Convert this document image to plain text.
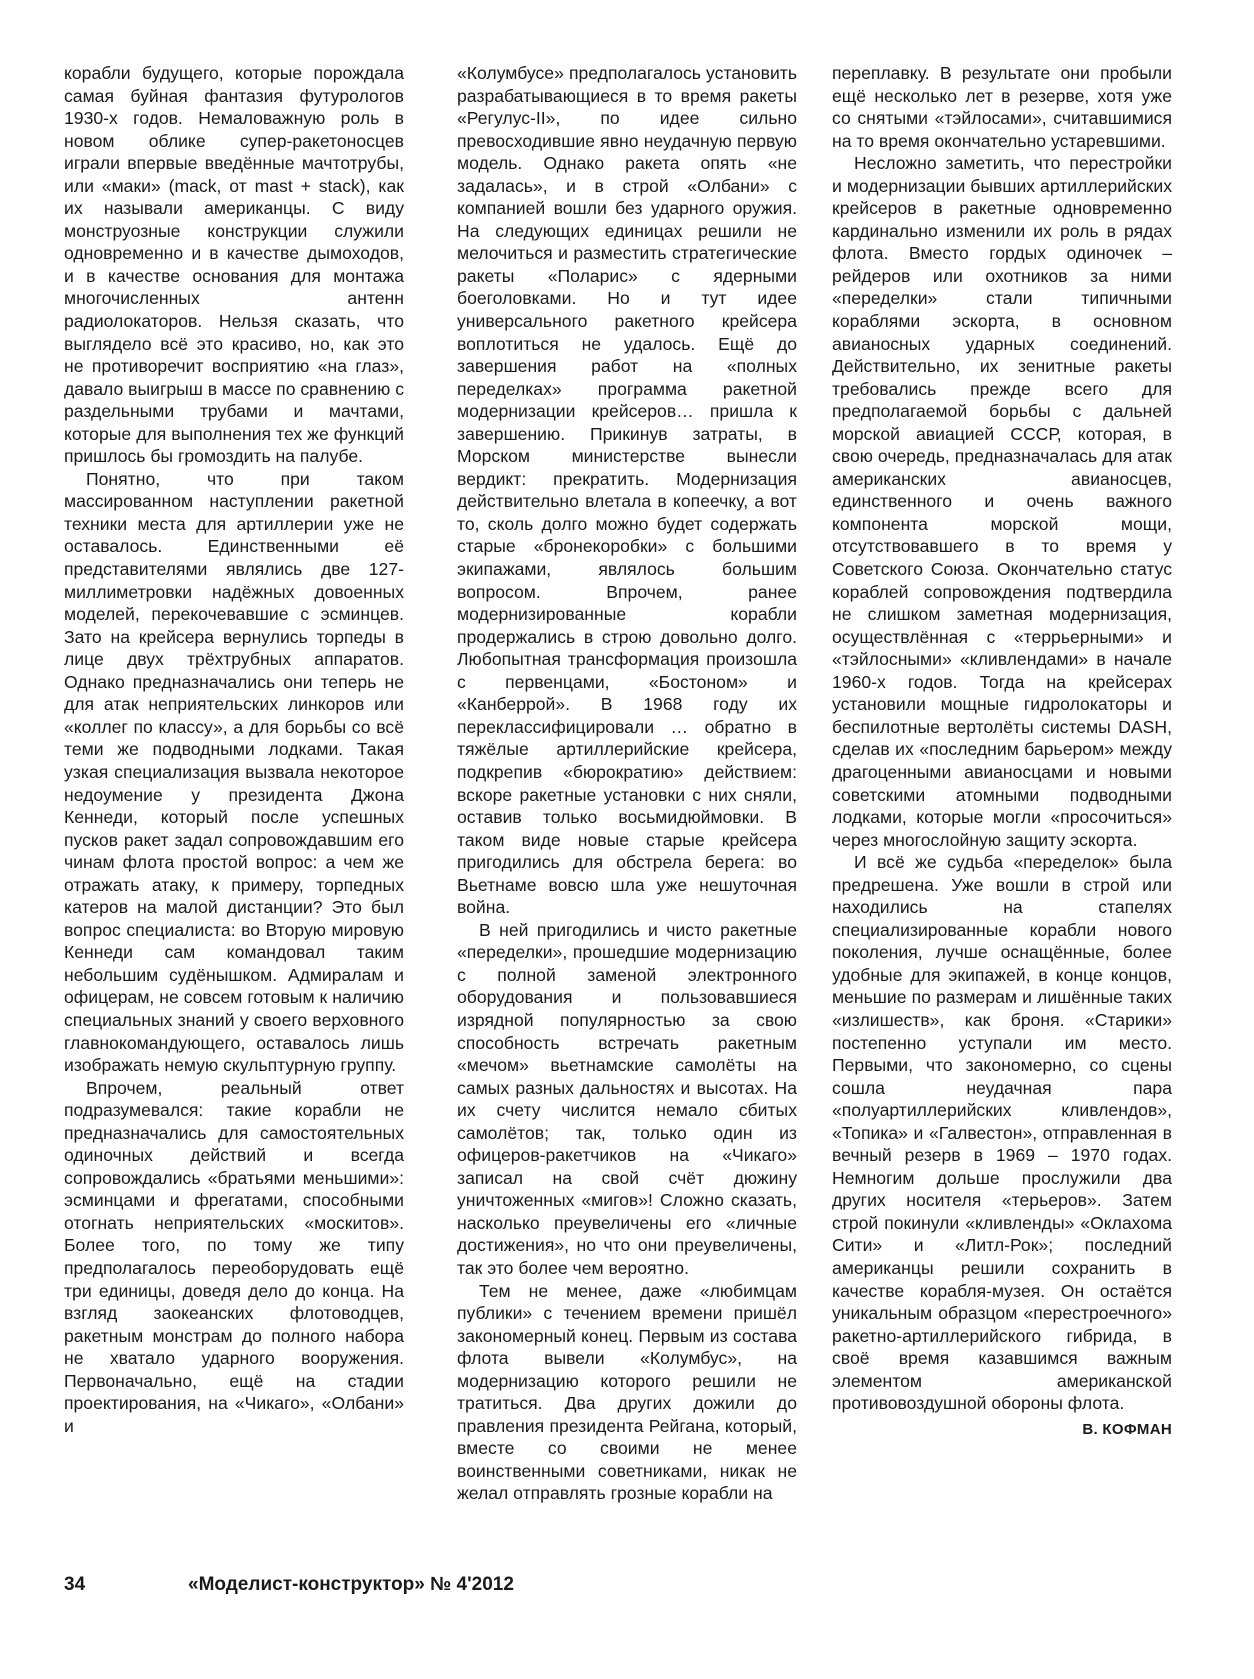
корабли будущего, которые порождала самая буйная фантазия футурологов 1930-х годов. Немаловажную роль в новом облике супер-ракетоносцев играли впервые введённые мачтотрубы, или «маки» (mack, от mast + stack), как их называли американцы. С виду монструозные конструкции служили одновременно и в качестве дымоходов, и в качестве основания для монтажа многочисленных антенн радиолокаторов. Нельзя сказать, что выглядело всё это красиво, но, как это не противоречит восприятию «на глаз», давало выигрыш в массе по сравнению с раздельными трубами и мачтами, которые для выполнения тех же функций пришлось бы громоздить на палубе.

Понятно, что при таком массированном наступлении ракетной техники места для артиллерии уже не оставалось. Единственными её представителями являлись две 127-миллиметровки надёжных довоенных моделей, перекочевавшие с эсминцев. Зато на крейсера вернулись торпеды в лице двух трёхтрубных аппаратов. Однако предназначались они теперь не для атак неприятельских линкоров или «коллег по классу», а для борьбы со всё теми же подводными лодками. Такая узкая специализация вызвала некоторое недоумение у президента Джона Кеннеди, который после успешных пусков ракет задал сопровождавшим его чинам флота простой вопрос: а чем же отражать атаку, к примеру, торпедных катеров на малой дистанции? Это был вопрос специалиста: во Вторую мировую Кеннеди сам командовал таким небольшим судёнышком. Адмиралам и офицерам, не совсем готовым к наличию специальных знаний у своего верховного главнокомандующего, оставалось лишь изображать немую скульптурную группу.

Впрочем, реальный ответ подразумевался: такие корабли не предназначались для самостоятельных одиночных действий и всегда сопровождались «братьями меньшими»: эсминцами и фрегатами, способными отогнать неприятельских «москитов». Более того, по тому же типу предполагалось переоборудовать ещё три единицы, доведя дело до конца. На взгляд заокеанских флотоводцев, ракетным монстрам до полного набора не хватало ударного вооружения. Первоначально, ещё на стадии проектирования, на «Чикаго», «Олбани» и

«Колумбусе» предполагалось установить разрабатывающиеся в то время ракеты «Регулус-II», по идее сильно превосходившие явно неудачную первую модель. Однако ракета опять «не задалась», и в строй «Олбани» с компанией вошли без ударного оружия. На следующих единицах решили не мелочиться и разместить стратегические ракеты «Поларис» с ядерными боеголовками. Но и тут идее универсального ракетного крейсера воплотиться не удалось. Ещё до завершения работ на «полных переделках» программа ракетной модернизации крейсеров… пришла к завершению. Прикинув затраты, в Морском министерстве вынесли вердикт: прекратить. Модернизация действительно влетала в копеечку, а вот то, сколь долго можно будет содержать старые «бронекоробки» с большими экипажами, являлось большим вопросом. Впрочем, ранее модернизированные корабли продержались в строю довольно долго. Любопытная трансформация произошла с первенцами, «Бостоном» и «Канберрой». В 1968 году их переклассифицировали … обратно в тяжёлые артиллерийские крейсера, подкрепив «бюрократию» действием: вскоре ракетные установки с них сняли, оставив только восьмидюймовки. В таком виде новые старые крейсера пригодились для обстрела берега: во Вьетнаме вовсю шла уже нешуточная война.

В ней пригодились и чисто ракетные «переделки», прошедшие модернизацию с полной заменой электронного оборудования и пользовавшиеся изрядной популярностью за свою способность встречать ракетным «мечом» вьетнамские самолёты на самых разных дальностях и высотах. На их счету числится немало сбитых самолётов; так, только один из офицеров-ракетчиков на «Чикаго» записал на свой счёт дюжину уничтоженных «мигов»! Сложно сказать, насколько преувеличены его «личные достижения», но что они преувеличены, так это более чем вероятно.

Тем не менее, даже «любимцам публики» с течением времени пришёл закономерный конец. Первым из состава флота вывели «Колумбус», на модернизацию которого решили не тратиться. Два других дожили до правления президента Рейгана, который, вместе со своими не менее воинственными советниками, никак не желал отправлять грозные корабли на

переплавку. В результате они пробыли ещё несколько лет в резерве, хотя уже со снятыми «тэйлосами», считавшимися на то время окончательно устаревшими.

Несложно заметить, что перестройки и модернизации бывших артиллерийских крейсеров в ракетные одновременно кардинально изменили их роль в рядах флота. Вместо гордых одиночек – рейдеров или охотников за ними «переделки» стали типичными кораблями эскорта, в основном авианосных ударных соединений. Действительно, их зенитные ракеты требовались прежде всего для предполагаемой борьбы с дальней морской авиацией СССР, которая, в свою очередь, предназначалась для атак американских авианосцев, единственного и очень важного компонента морской мощи, отсутствовавшего в то время у Советского Союза. Окончательно статус кораблей сопровождения подтвердила не слишком заметная модернизация, осуществлённая с «террьерными» и «тэйлосными» «кливлендами» в начале 1960-х годов. Тогда на крейсерах установили мощные гидролокаторы и беспилотные вертолёты системы DASH, сделав их «последним барьером» между драгоценными авианосцами и новыми советскими атомными подводными лодками, которые могли «просочиться» через многослойную защиту эскорта.

И всё же судьба «переделок» была предрешена. Уже вошли в строй или находились на стапелях специализированные корабли нового поколения, лучше оснащённые, более удобные для экипажей, в конце концов, меньшие по размерам и лишённые таких «излишеств», как броня. «Старики» постепенно уступали им место. Первыми, что закономерно, со сцены сошла неудачная пара «полуартиллерийских кливлендов», «Топика» и «Галвестон», отправленная в вечный резерв в 1969 – 1970 годах. Немногим дольше прослужили два других носителя «терьеров». Затем строй покинули «кливленды» «Оклахома Сити» и «Литл-Рок»; последний американцы решили сохранить в качестве корабля-музея. Он остаётся уникальным образцом «перестроечного» ракетно-артиллерийского гибрида, в своё время казавшимся важным элементом американской противовоздушной обороны флота.

В. КОФМАН
34	«Моделист-конструктор» № 4'2012
